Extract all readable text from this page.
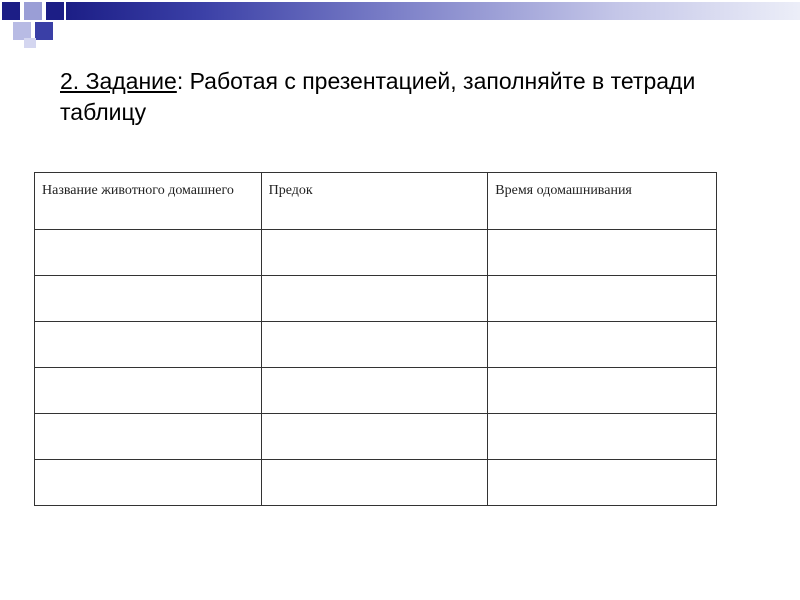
2. Задание: Работая с презентацией, заполняйте в тетради таблицу
Название животного домашнего	Предок	Время одомашнивания
